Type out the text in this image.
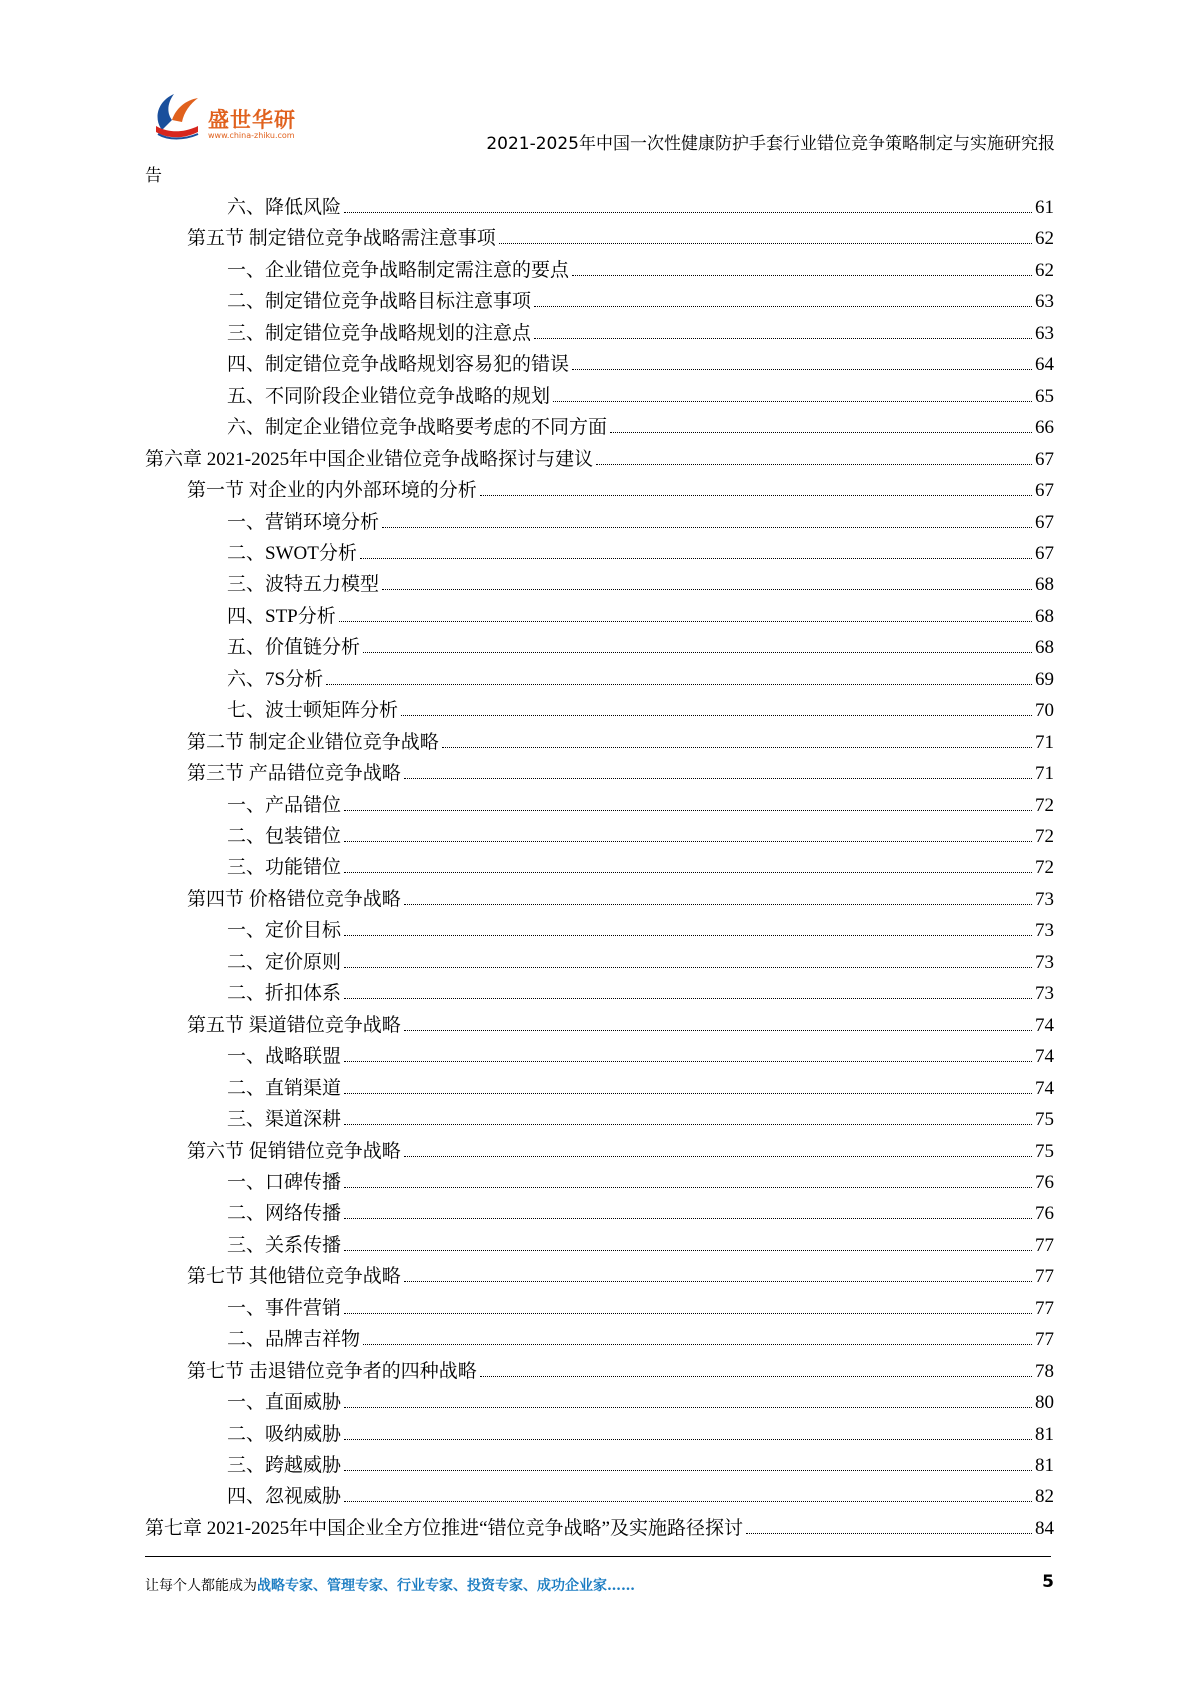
盛世华研
www.china-zhiku.com	2021-2025年中国一次性健康防护手套行业错位竞争策略制定与实施研究报
告
六、降低风险	61
第五节 制定错位竞争战略需注意事项	62
一、企业错位竞争战略制定需注意的要点	62
二、制定错位竞争战略目标注意事项	63
三、制定错位竞争战略规划的注意点	63
四、制定错位竞争战略规划容易犯的错误	64
五、不同阶段企业错位竞争战略的规划	65
六、制定企业错位竞争战略要考虑的不同方面	66
第六章 2021-2025年中国企业错位竞争战略探讨与建议	67
第一节 对企业的内外部环境的分析	67
一、营销环境分析	67
二、SWOT分析	67
三、波特五力模型	68
四、STP分析	68
五、价值链分析	68
六、7S分析	69
七、波士顿矩阵分析	70
第二节 制定企业错位竞争战略	71
第三节 产品错位竞争战略	71
一、产品错位	72
二、包装错位	72
三、功能错位	72
第四节 价格错位竞争战略	73
一、定价目标	73
二、定价原则	73
二、折扣体系	73
第五节 渠道错位竞争战略	74
一、战略联盟	74
二、直销渠道	74
三、渠道深耕	75
第六节 促销错位竞争战略	75
一、口碑传播	76
二、网络传播	76
三、关系传播	77
第七节 其他错位竞争战略	77
一、事件营销	77
二、品牌吉祥物	77
第七节 击退错位竞争者的四种战略	78
一、直面威胁	80
二、吸纳威胁	81
三、跨越威胁	81
四、忽视威胁	82
第七章 2021-2025年中国企业全方位推进“错位竞争战略”及实施路径探讨	84
让每个人都能成为战略专家、管理专家、行业专家、投资专家、成功企业家……	5
